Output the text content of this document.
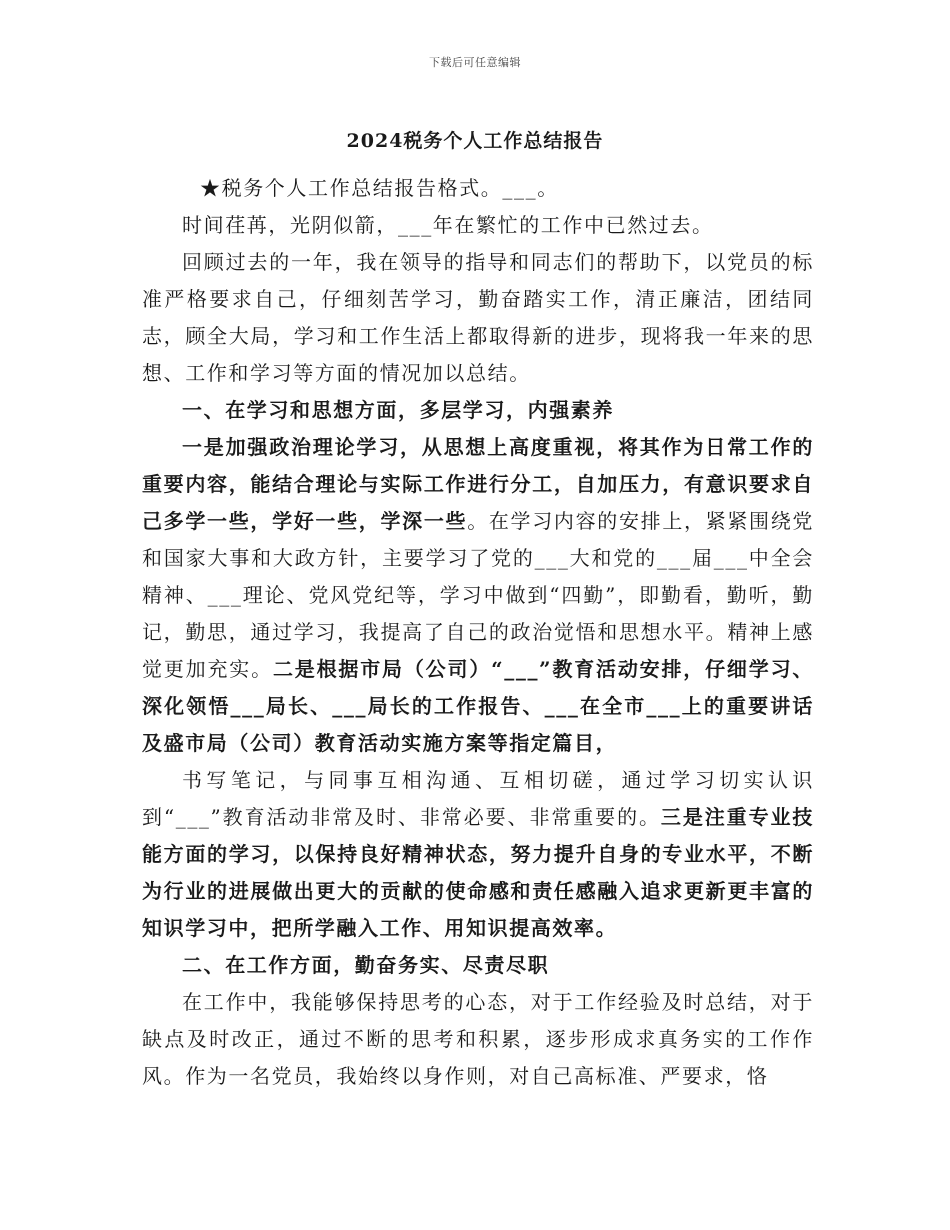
下载后可任意编辑
2024税务个人工作总结报告

★税务个人工作总结报告格式。___。

时间荏苒，光阴似箭，___年在繁忙的工作中已然过去。

回顾过去的一年，我在领导的指导和同志们的帮助下，以党员的标准严格要求自己，仔细刻苦学习，勤奋踏实工作，清正廉洁，团结同志，顾全大局，学习和工作生活上都取得新的进步，现将我一年来的思想、工作和学习等方面的情况加以总结。

一、在学习和思想方面，多层学习，内强素养

一是加强政治理论学习，从思想上高度重视，将其作为日常工作的重要内容，能结合理论与实际工作进行分工，自加压力，有意识要求自己多学一些，学好一些，学深一些。在学习内容的安排上，紧紧围绕党和国家大事和大政方针，主要学习了党的___大和党的___届___中全会精神、___理论、党风党纪等，学习中做到“四勤”，即勤看，勤听，勤记，勤思，通过学习，我提高了自己的政治觉悟和思想水平。精神上感觉更加充实。二是根据市局（公司）“___”教育活动安排，仔细学习、深化领悟___局长、___局长的工作报告、___在全市___上的重要讲话及盛市局（公司）教育活动实施方案等指定篇目，

书写笔记，与同事互相沟通、互相切磋，通过学习切实认识到“___”教育活动非常及时、非常必要、非常重要的。三是注重专业技能方面的学习，以保持良好精神状态，努力提升自身的专业水平，不断为行业的进展做出更大的贡献的使命感和责任感融入追求更新更丰富的知识学习中，把所学融入工作、用知识提高效率。

二、在工作方面，勤奋务实、尽责尽职

在工作中，我能够保持思考的心态，对于工作经验及时总结，对于缺点及时改正，通过不断的思考和积累，逐步形成求真务实的工作作风。作为一名党员，我始终以身作则，对自己高标准、严要求，恪
